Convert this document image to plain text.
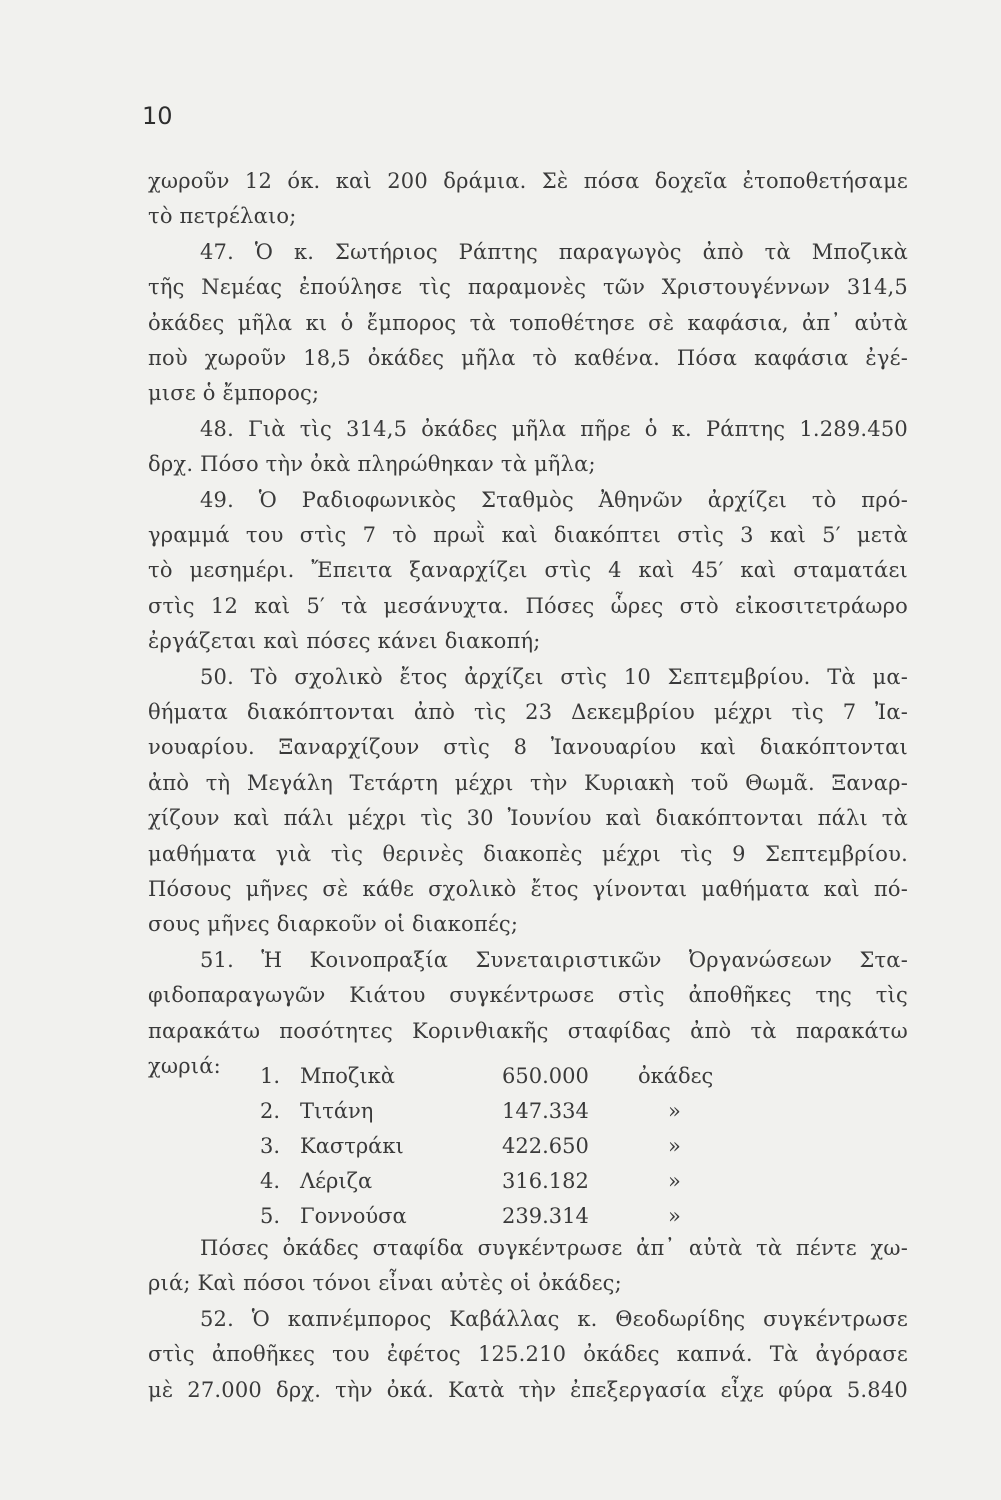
10
χωροῦν 12 όκ. καὶ 200 δράμια. Σὲ πόσα δοχεῖα ἐτοποθετήσαμε
τὸ πετρέλαιο;
47. Ὁ κ. Σωτήριος Ράπτης παραγωγὸς ἀπὸ τὰ Μποζικὰ
τῆς Νεμέας ἐπούλησε τὶς παραμονὲς τῶν Χριστουγέννων 314,5
ὀκάδες μῆλα κι ὁ ἔμπορος τὰ τοποθέτησε σὲ καφάσια, ἀπ᾿ αὐτὰ
ποὺ χωροῦν 18,5 ὀκάδες μῆλα τὸ καθένα. Πόσα καφάσια ἐγέ-
μισε ὁ ἔμπορος;
48. Γιὰ τὶς 314,5 ὀκάδες μῆλα πῆρε ὁ κ. Ράπτης 1.289.450
δρχ. Πόσο τὴν ὀκὰ πληρώθηκαν τὰ μῆλα;
49. Ὁ Ραδιοφωνικὸς Σταθμὸς Ἀθηνῶν ἀρχίζει τὸ πρό-
γραμμά του στὶς 7 τὸ πρωῒ καὶ διακόπτει στὶς 3 καὶ 5′ μετὰ
τὸ μεσημέρι. Ἔπειτα ξαναρχίζει στὶς 4 καὶ 45′ καὶ σταματάει
στὶς 12 καὶ 5′ τὰ μεσάνυχτα. Πόσες ὧρες στὸ εἰκοσιτετράωρο
ἐργάζεται καὶ πόσες κάνει διακοπή;
50. Τὸ σχολικὸ ἔτος ἀρχίζει στὶς 10 Σεπτεμβρίου. Τὰ μα-
θήματα διακόπτονται ἀπὸ τὶς 23 Δεκεμβρίου μέχρι τὶς 7 Ἰα-
νουαρίου. Ξαναρχίζουν στὶς 8 Ἰανουαρίου καὶ διακόπτονται
ἀπὸ τὴ Μεγάλη Τετάρτη μέχρι τὴν Κυριακὴ τοῦ Θωμᾶ. Ξαναρ-
χίζουν καὶ πάλι μέχρι τὶς 30 Ἰουνίου καὶ διακόπτονται πάλι τὰ
μαθήματα γιὰ τὶς θερινὲς διακοπὲς μέχρι τὶς 9 Σεπτεμβρίου.
Πόσους μῆνες σὲ κάθε σχολικὸ ἔτος γίνονται μαθήματα καὶ πό-
σους μῆνες διαρκοῦν οἱ διακοπές;
51. Ἡ Κοινοπραξία Συνεταιριστικῶν Ὀργανώσεων Στα-
φιδοπαραγωγῶν Κιάτου συγκέντρωσε στὶς ἀποθῆκες της τὶς
παρακάτω ποσότητες Κορινθιακῆς σταφίδας ἀπὸ τὰ παρακάτω
χωριά:	1. Μποζικὰ	650.000 ὀκάδες
2. Τιτάνη	147.334	»
3. Καστράκι	422.650	»
4. Λέριζα	316.182	»
5. Γοννούσα	239.314	»
Πόσες ὀκάδες σταφίδα συγκέντρωσε ἀπ᾿ αὐτὰ τὰ πέντε χω-
ριά; Καὶ πόσοι τόνοι εἶναι αὐτὲς οἱ ὀκάδες;
52. Ὁ καπνέμπορος Καβάλλας κ. Θεοδωρίδης συγκέντρωσε
στὶς ἀποθῆκες του ἐφέτος 125.210 ὀκάδες καπνά. Τὰ ἀγόρασε
μὲ 27.000 δρχ. τὴν ὀκά. Κατὰ τὴν ἐπεξεργασία εἶχε φύρα 5.840
